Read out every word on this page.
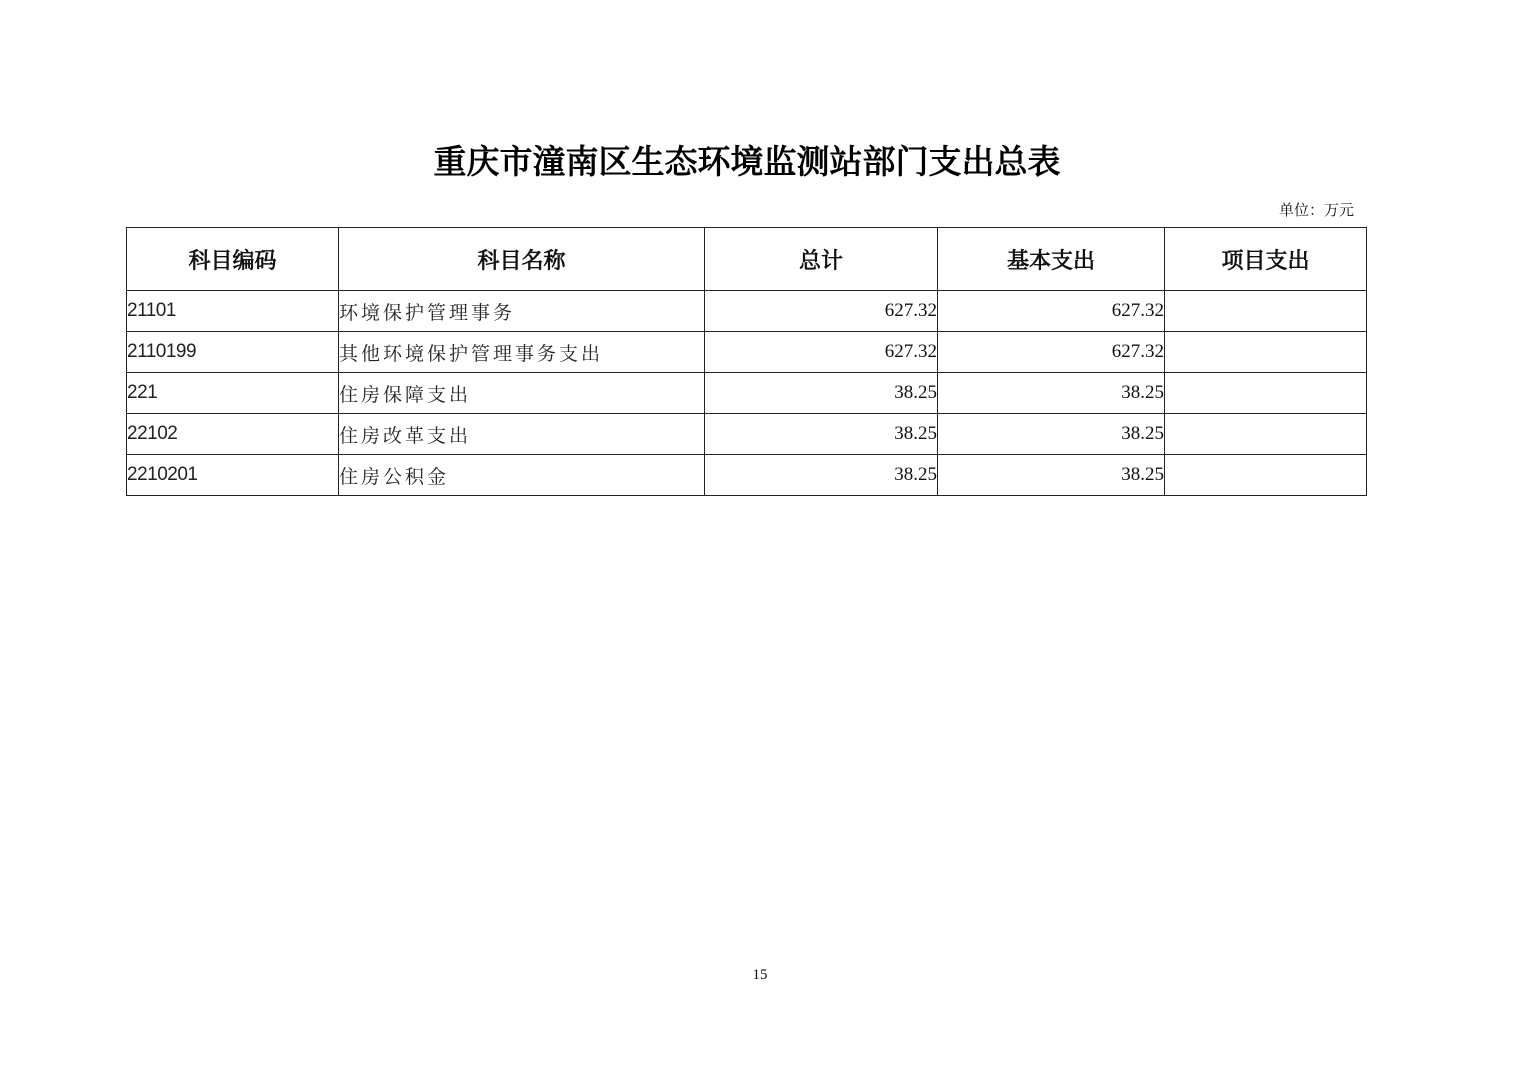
重庆市潼南区生态环境监测站部门支出总表
单位：万元
科目编码	科目名称	总计	基本支出	项目支出
21101	环境保护管理事务	627.32	627.32	
2110199	其他环境保护管理事务支出	627.32	627.32	
221	住房保障支出	38.25	38.25	
22102	住房改革支出	38.25	38.25	
2210201	住房公积金	38.25	38.25	
15
